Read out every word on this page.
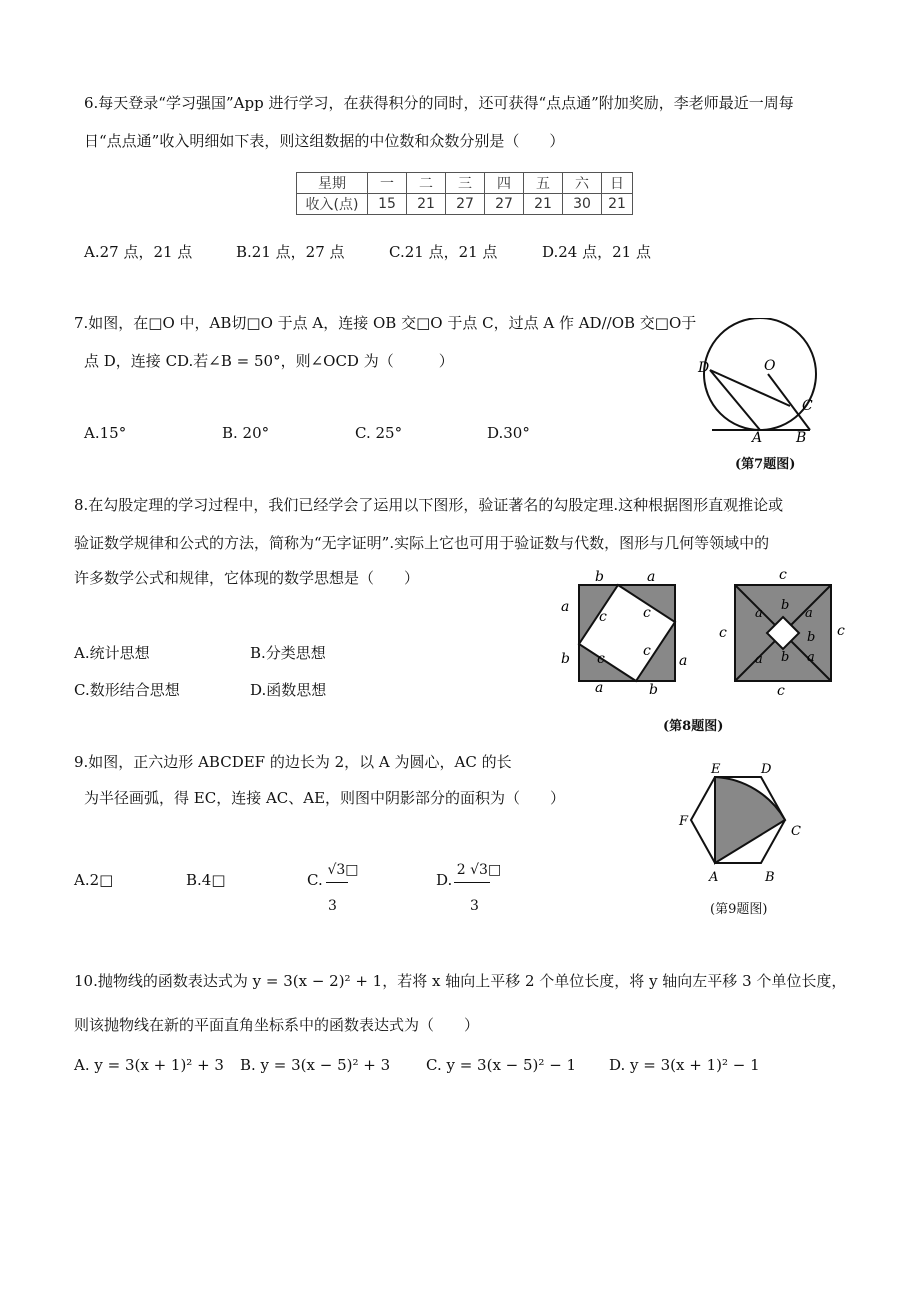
6.每天登录“学习强国”App 进行学习，在获得积分的同时，还可获得“点点通”附加奖励，李老师最近一周每
日“点点通”收入明细如下表，则这组数据的中位数和众数分别是（　　）
星期	一	二	三	四	五	六	日
收入(点)	15	21	27	27	21	30	21
A.27 点，21 点	B.21 点，27 点	C.21 点，21 点	D.24 点，21 点
7.如图，在□O 中，AB切□O 于点 A，连接 OB 交□O 于点 C，过点 A 作 AD//OB 交□O于
点 D，连接 CD.若∠B = 50°，则∠OCD 为（　　　）
A.15°	B. 20°	C. 25°	D.30°
D	O
C
A B
(第7题图)
8.在勾股定理的学习过程中，我们已经学会了运用以下图形，验证著名的勾股定理.这种根据图形直观推论或
验证数学规律和公式的方法，简称为“无字证明”.实际上它也可用于验证数与代数，图形与几何等领域中的
许多数学公式和规律，它体现的数学思想是（　　）
A.统计思想	B.分类思想
C.数形结合思想	D.函数思想
b	a
a
b	a
a	b
c	c
c	c
c
c	c
c
a
b
a
b
a b a
(第8题图)
9.如图，正六边形 ABCDEF 的边长为 2，以 A 为圆心，AC 的长
为半径画弧，得 EC，连接 AC、AE，则图中阴影部分的面积为（　　）
A.2□	B.4□	C.
√3□
3
D.
2 √3□
3
E	D
F
C
A	B
(第9题图)
10.抛物线的函数表达式为 y = 3(x − 2)² + 1，若将 x 轴向上平移 2 个单位长度，将 y 轴向左平移 3 个单位长度，
则该抛物线在新的平面直角坐标系中的函数表达式为（　　）
A. y = 3(x + 1)² + 3 B. y = 3(x − 5)² + 3 C. y = 3(x − 5)² − 1 D. y = 3(x + 1)² − 1
